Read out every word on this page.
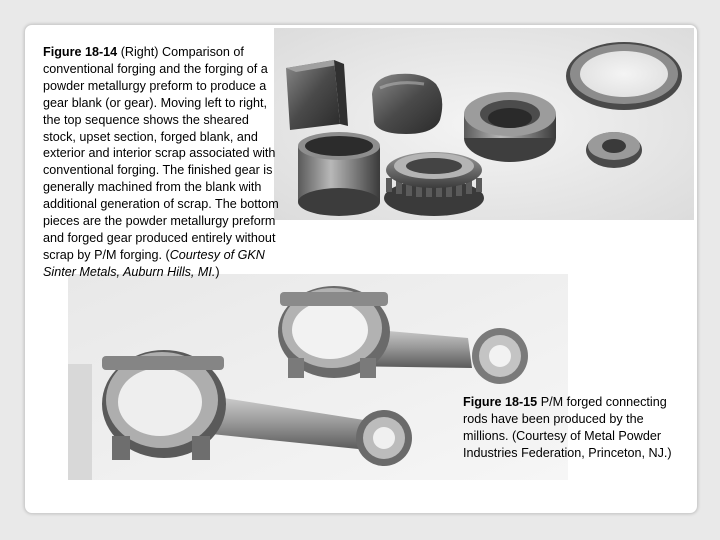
Figure 18-14 (Right) Comparison of conventional forging and the forging of a powder metallurgy preform to produce a gear blank (or gear). Moving left to right, the top sequence shows the sheared stock, upset section, forged blank, and exterior and interior scrap associated with conventional forging. The finished gear is generally machined from the blank with additional generation of scrap. The bottom pieces are the powder metallurgy preform and forged gear produced entirely without scrap by P/M forging. (Courtesy of GKN Sinter Metals, Auburn Hills, MI.)
Figure 18-15 P/M forged connecting rods have been produced by the millions. (Courtesy of Metal Powder Industries Federation, Princeton, NJ.)
